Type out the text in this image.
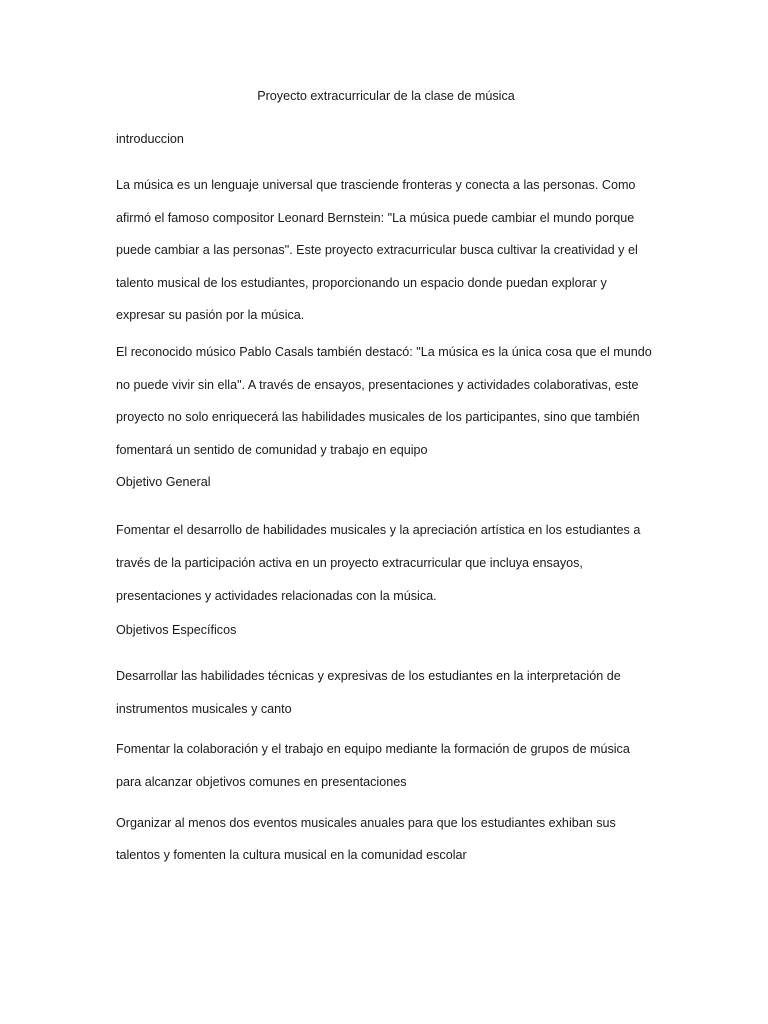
Proyecto extracurricular de la clase de música

introduccion

La música es un lenguaje universal que trasciende fronteras y conecta a las personas. Como afirmó el famoso compositor Leonard Bernstein: "La música puede cambiar el mundo porque puede cambiar a las personas". Este proyecto extracurricular busca cultivar la creatividad y el talento musical de los estudiantes, proporcionando un espacio donde puedan explorar y expresar su pasión por la música.

El reconocido músico Pablo Casals también destacó: "La música es la única cosa que el mundo no puede vivir sin ella". A través de ensayos, presentaciones y actividades colaborativas, este proyecto no solo enriquecerá las habilidades musicales de los participantes, sino que también fomentará un sentido de comunidad y trabajo en equipo

Objetivo General

Fomentar el desarrollo de habilidades musicales y la apreciación artística en los estudiantes a través de la participación activa en un proyecto extracurricular que incluya ensayos, presentaciones y actividades relacionadas con la música.

Objetivos Específicos

Desarrollar las habilidades técnicas y expresivas de los estudiantes en la interpretación de instrumentos musicales y canto

Fomentar la colaboración y el trabajo en equipo mediante la formación de grupos de música para alcanzar objetivos comunes en presentaciones

Organizar al menos dos eventos musicales anuales para que los estudiantes exhiban sus talentos y fomenten la cultura musical en la comunidad escolar
